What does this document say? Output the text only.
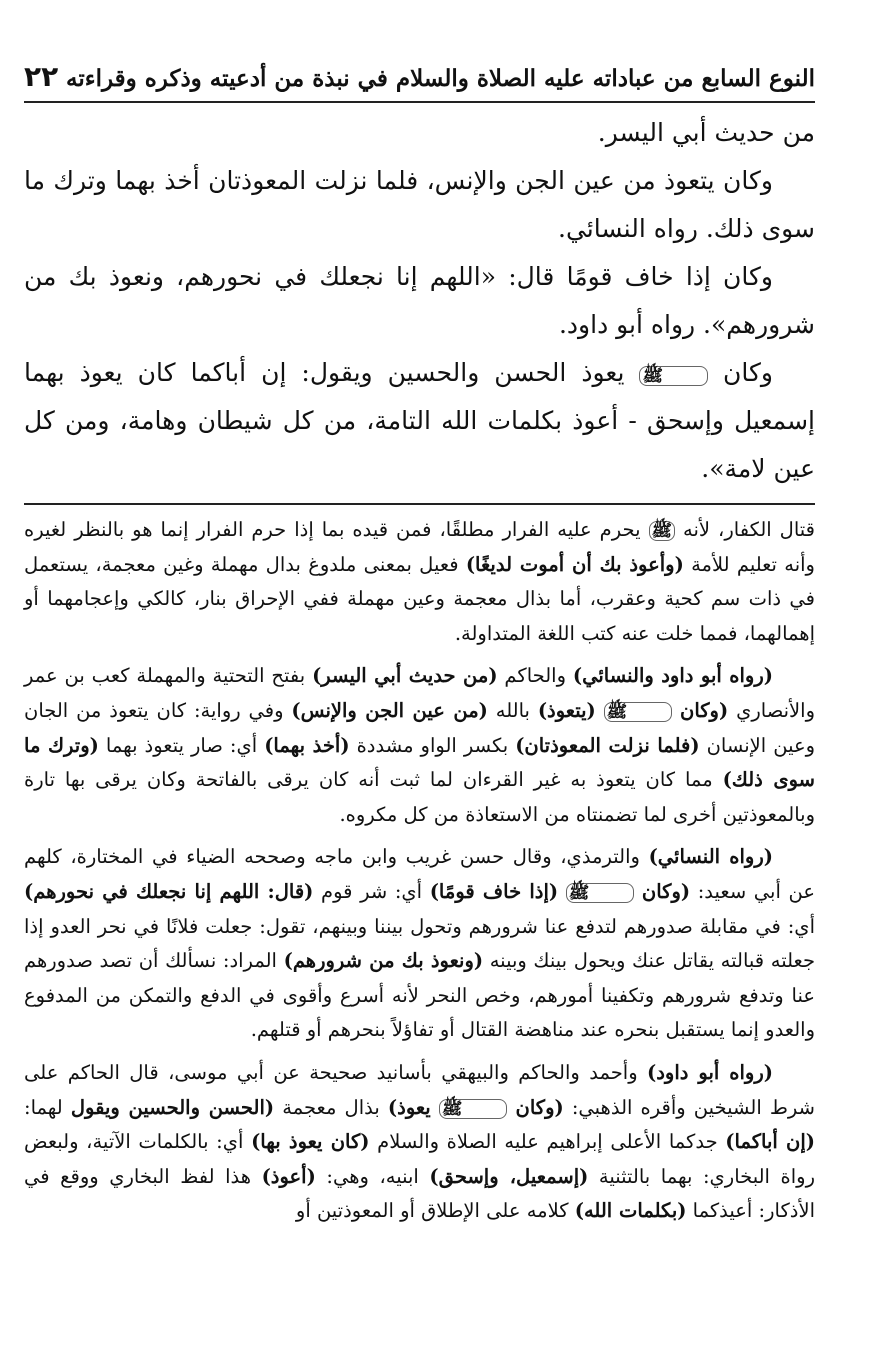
النوع السابع من عباداته عليه الصلاة والسلام في نبذة من أدعيته وذكره وقراءته
٢٢

من حديث أبي اليسر.

وكان يتعوذ من عين الجن والإنس، فلما نزلت المعوذتان أخذ بهما وترك ما سوى ذلك. رواه النسائي.

وكان إذا خاف قومًا قال: «اللهم إنا نجعلك في نحورهم، ونعوذ بك من شرورهم». رواه أبو داود.

وكان ﷺ يعوذ الحسن والحسين ويقول: إن أباكما كان يعوذ بهما إسمعيل وإسحق - أعوذ بكلمات الله التامة، من كل شيطان وهامة، ومن كل عين لامة».

قتال الكفار، لأنه ﷺ يحرم عليه الفرار مطلقًا، فمن قيده بما إذا حرم الفرار إنما هو بالنظر لغيره وأنه تعليم للأمة (وأعوذ بك أن أموت لديغًا) فعيل بمعنى ملدوغ بدال مهملة وغين معجمة، يستعمل في ذات سم كحية وعقرب، أما بذال معجمة وعين مهملة ففي الإحراق بنار، كالكي وإعجامهما أو إهمالهما، فمما خلت عنه كتب اللغة المتداولة.

(رواه أبو داود والنسائي) والحاكم (من حديث أبي اليسر) بفتح التحتية والمهملة كعب بن عمر والأنصاري (وكان ﷺ (يتعوذ) بالله (من عين الجن والإنس) وفي رواية: كان يتعوذ من الجان وعين الإنسان (فلما نزلت المعوذتان) بكسر الواو مشددة (أخذ بهما) أي: صار يتعوذ بهما (وترك ما سوى ذلك) مما كان يتعوذ به غير القرءان لما ثبت أنه كان يرقى بالفاتحة وكان يرقى بها تارة وبالمعوذتين أخرى لما تضمنتاه من الاستعاذة من كل مكروه.

(رواه النسائي) والترمذي، وقال حسن غريب وابن ماجه وصححه الضياء في المختارة، كلهم عن أبي سعيد: (وكان ﷺ (إذا خاف قومًا) أي: شر قوم (قال: اللهم إنا نجعلك في نحورهم) أي: في مقابلة صدورهم لتدفع عنا شرورهم وتحول بيننا وبينهم، تقول: جعلت فلانًا في نحر العدو إذا جعلته قبالته يقاتل عنك ويحول بينك وبينه (ونعوذ بك من شرورهم) المراد: نسألك أن تصد صدورهم عنا وتدفع شرورهم وتكفينا أمورهم، وخص النحر لأنه أسرع وأقوى في الدفع والتمكن من المدفوع والعدو إنما يستقبل بنحره عند مناهضة القتال أو تفاؤلاً بنحرهم أو قتلهم.

(رواه أبو داود) وأحمد والحاكم والبيهقي بأسانيد صحيحة عن أبي موسى، قال الحاكم على شرط الشيخين وأقره الذهبي: (وكان ﷺ يعوذ) بذال معجمة (الحسن والحسين ويقول لهما: (إن أباكما) جدكما الأعلى إبراهيم عليه الصلاة والسلام (كان يعوذ بها) أي: بالكلمات الآتية، ولبعض رواة البخاري: بهما بالتثنية (إسمعيل، وإسحق) ابنيه، وهي: (أعوذ) هذا لفظ البخاري ووقع في الأذكار: أعيذكما (بكلمات الله) كلامه على الإطلاق أو المعوذتين أو
